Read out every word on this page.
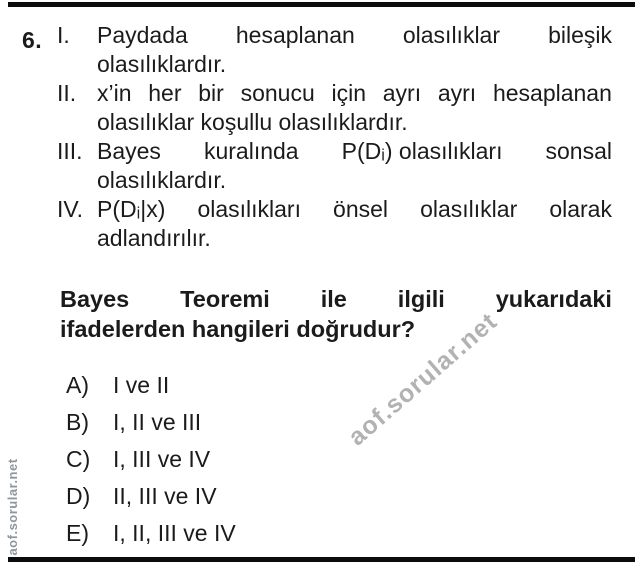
6. I.	Paydada hesaplanan olasılıklar bileşik
olasılıklardır.
II. x’in her bir sonucu için ayrı ayrı hesaplanan
olasılıklar koşullu olasılıklardır.
III. Bayes kuralında P(Dᵢ) olasılıkları sonsal
olasılıklardır.
IV. P(Dᵢ|x) olasılıkları önsel olasılıklar olarak
adlandırılır.
Bayes Teoremi ile ilgili yukarıdaki
ifadelerden hangileri doğrudur?
A)	I ve II
B)	I, II ve III
C) I, III ve IV
D) II, III ve IV
E)	I, II, III ve IV
aof.sorular.net
aof.sorular.net
